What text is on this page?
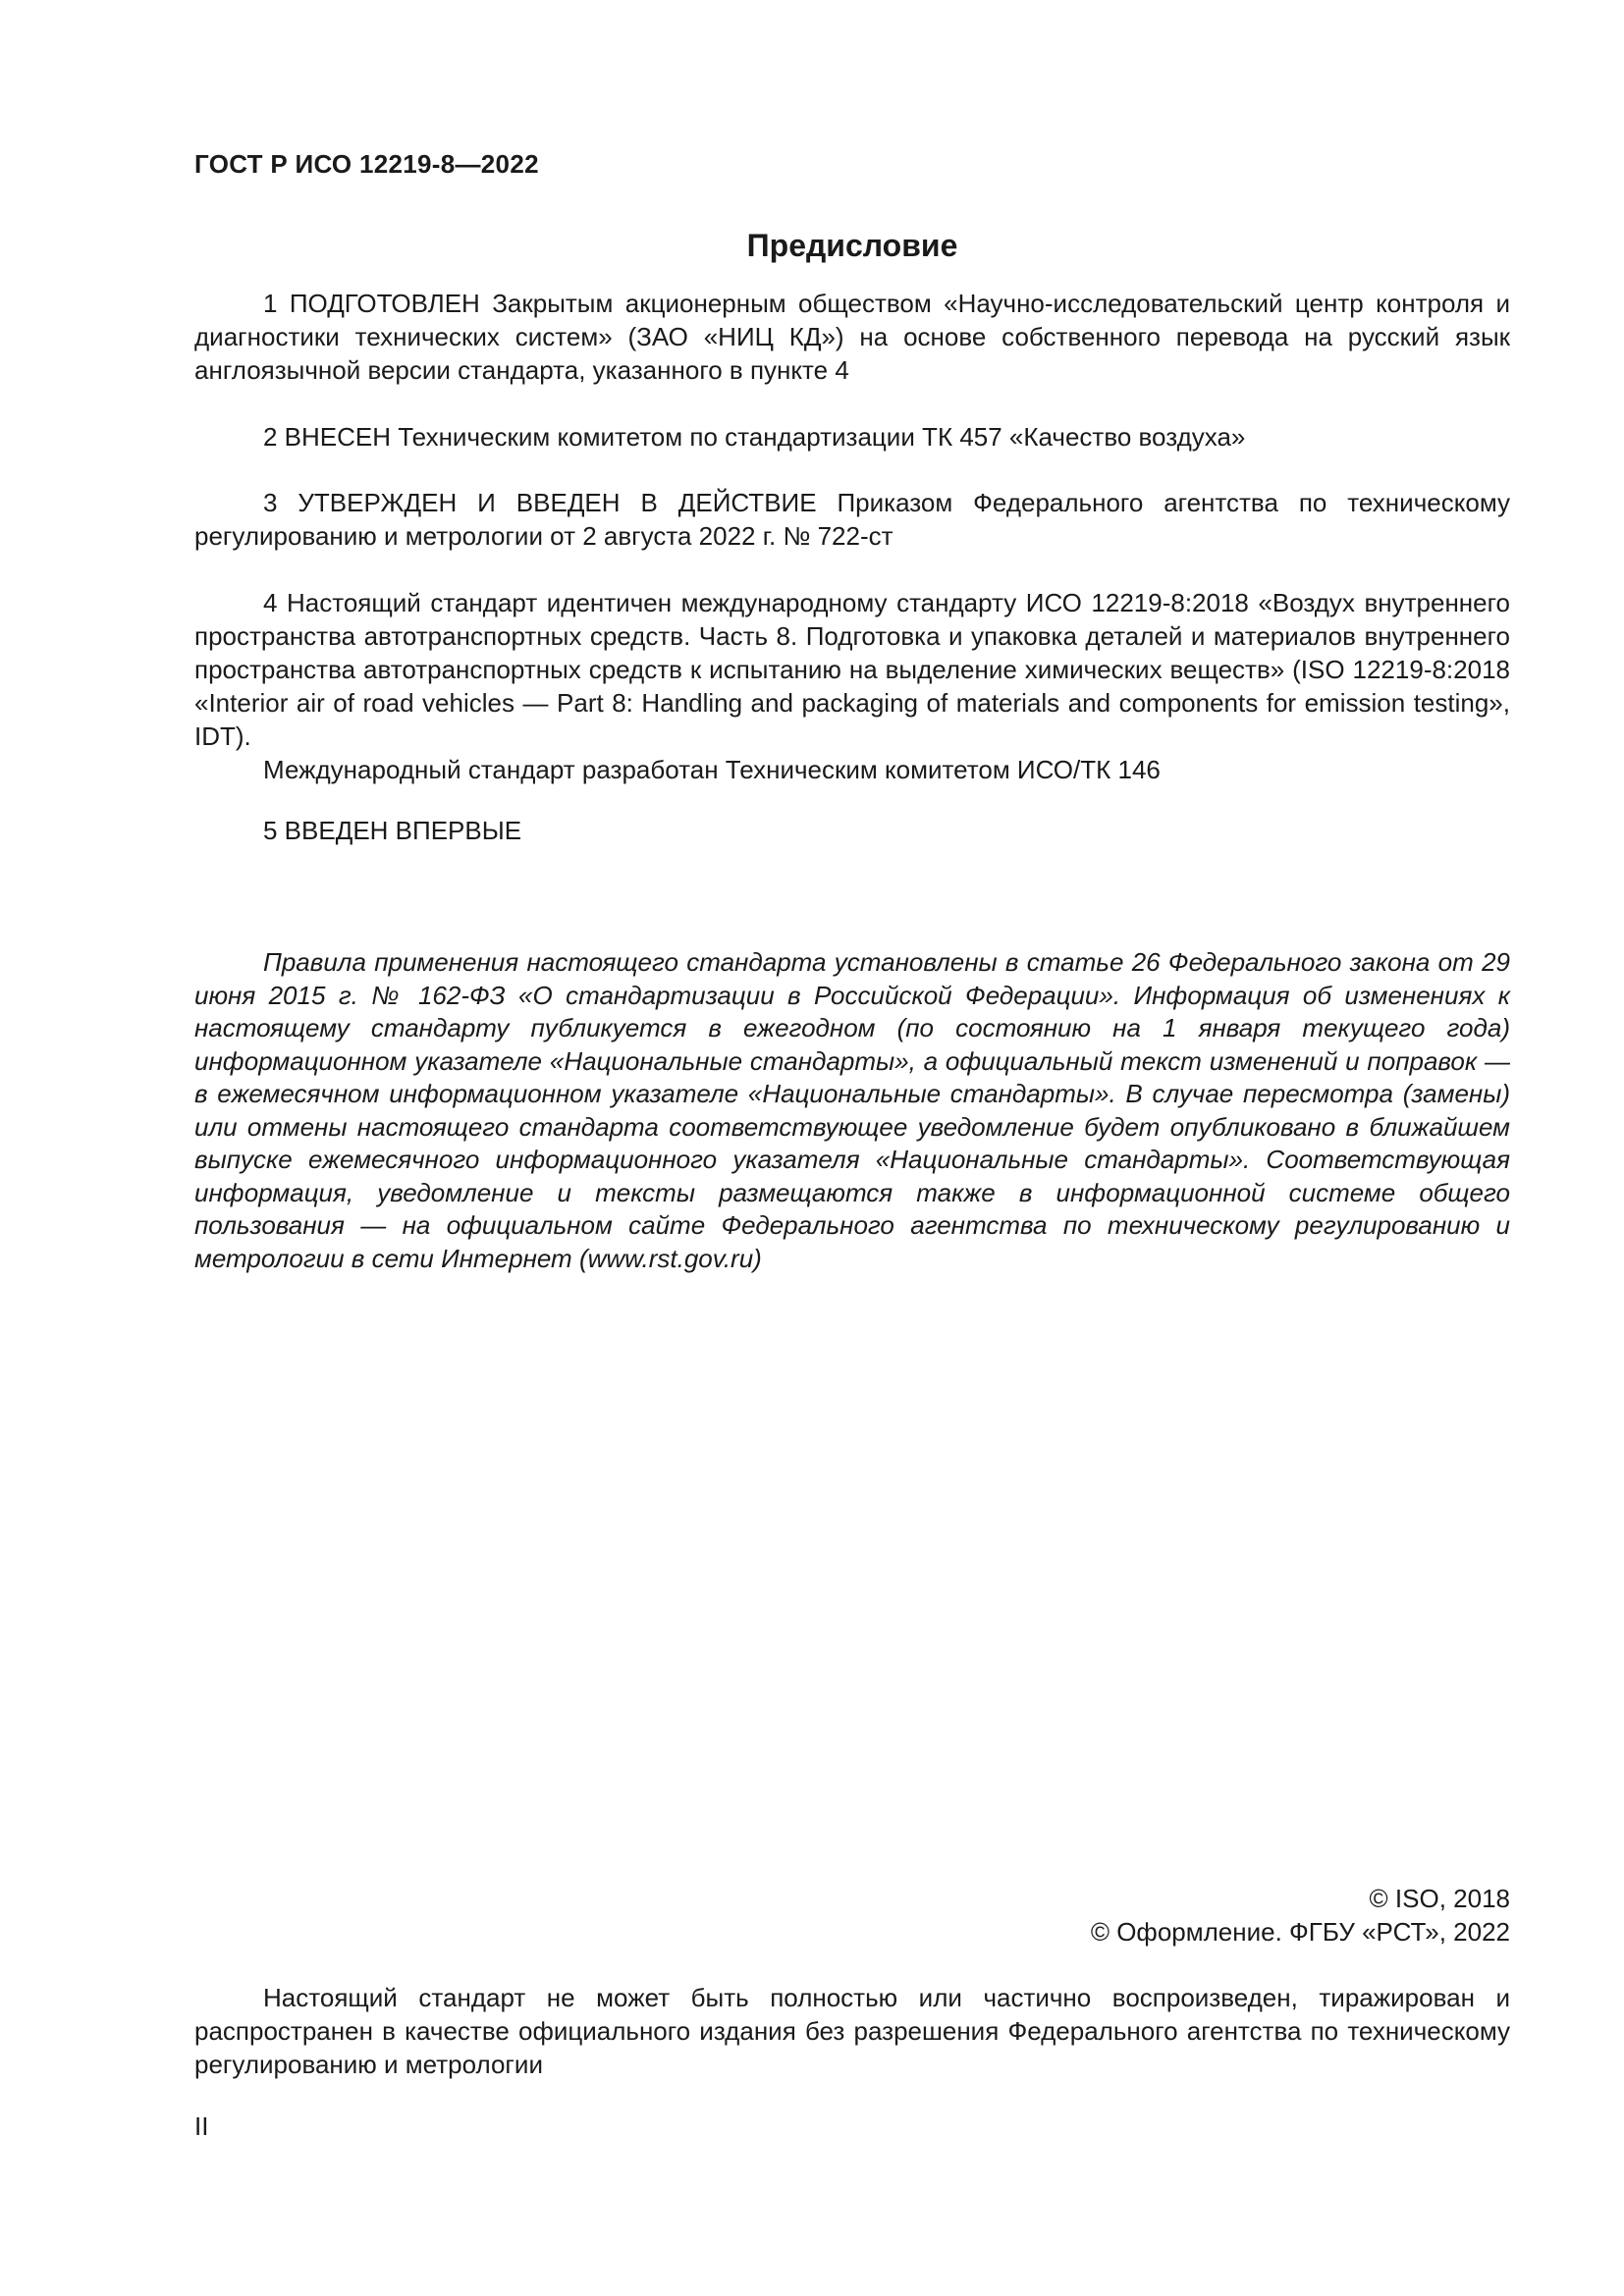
ГОСТ Р ИСО 12219-8—2022
Предисловие

1 ПОДГОТОВЛЕН Закрытым акционерным обществом «Научно-исследовательский центр контроля и диагностики технических систем» (ЗАО «НИЦ КД») на основе собственного перевода на русский язык англоязычной версии стандарта, указанного в пункте 4

2 ВНЕСЕН Техническим комитетом по стандартизации ТК 457 «Качество воздуха»

3 УТВЕРЖДЕН И ВВЕДЕН В ДЕЙСТВИЕ Приказом Федерального агентства по техническому регулированию и метрологии от 2 августа 2022 г. № 722-ст

4 Настоящий стандарт идентичен международному стандарту ИСО 12219-8:2018 «Воздух внутреннего пространства автотранспортных средств. Часть 8. Подготовка и упаковка деталей и материалов внутреннего пространства автотранспортных средств к испытанию на выделение химических веществ» (ISO 12219-8:2018 «Interior air of road vehicles — Part 8: Handling and packaging of materials and components for emission testing», IDT).

Международный стандарт разработан Техническим комитетом ИСО/ТК 146

5 ВВЕДЕН ВПЕРВЫЕ

Правила применения настоящего стандарта установлены в статье 26 Федерального закона от 29 июня 2015 г. № 162-ФЗ «О стандартизации в Российской Федерации». Информация об изменениях к настоящему стандарту публикуется в ежегодном (по состоянию на 1 января текущего года) информационном указателе «Национальные стандарты», а официальный текст изменений и поправок — в ежемесячном информационном указателе «Национальные стандарты». В случае пересмотра (замены) или отмены настоящего стандарта соответствующее уведомление будет опубликовано в ближайшем выпуске ежемесячного информационного указателя «Национальные стандарты». Соответствующая информация, уведомление и тексты размещаются также в информационной системе общего пользования — на официальном сайте Федерального агентства по техническому регулированию и метрологии в сети Интернет (www.rst.gov.ru)

© ISO, 2018
© Оформление. ФГБУ «РСТ», 2022

Настоящий стандарт не может быть полностью или частично воспроизведен, тиражирован и распространен в качестве официального издания без разрешения Федерального агентства по техническому регулированию и метрологии

II
